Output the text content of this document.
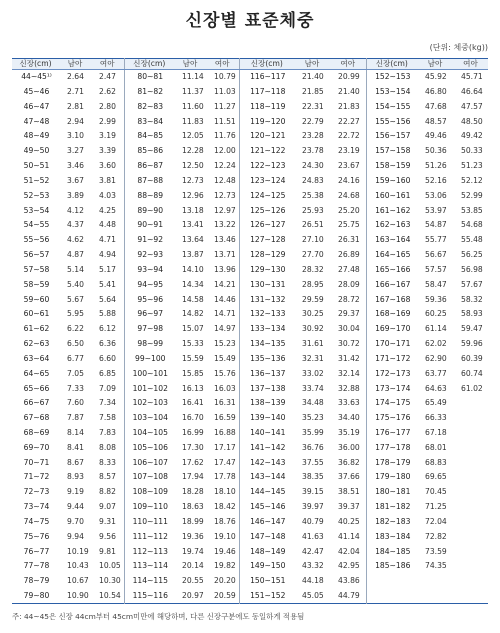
신장별 표준체중
(단위: 체중(kg))
신장(cm)	남아	여아	신장(cm)	남아	여아	신장(cm)	남아	여아	신장(cm)	남아	여아
44~45¹⁾	2.64	2.47	80~81	11.14	10.79	116~117	21.40	20.99	152~153	45.92	45.71
45~46	2.71	2.62	81~82	11.37	11.03	117~118	21.85	21.40	153~154	46.80	46.64
46~47	2.81	2.80	82~83	11.60	11.27	118~119	22.31	21.83	154~155	47.68	47.57
47~48	2.94	2.99	83~84	11.83	11.51	119~120	22.79	22.27	155~156	48.57	48.50
48~49	3.10	3.19	84~85	12.05	11.76	120~121	23.28	22.72	156~157	49.46	49.42
49~50	3.27	3.39	85~86	12.28	12.00	121~122	23.78	23.19	157~158	50.36	50.33
50~51	3.46	3.60	86~87	12.50	12.24	122~123	24.30	23.67	158~159	51.26	51.23
51~52	3.67	3.81	87~88	12.73	12.48	123~124	24.83	24.16	159~160	52.16	52.12
52~53	3.89	4.03	88~89	12.96	12.73	124~125	25.38	24.68	160~161	53.06	52.99
53~54	4.12	4.25	89~90	13.18	12.97	125~126	25.93	25.20	161~162	53.97	53.85
54~55	4.37	4.48	90~91	13.41	13.22	126~127	26.51	25.75	162~163	54.87	54.68
55~56	4.62	4.71	91~92	13.64	13.46	127~128	27.10	26.31	163~164	55.77	55.48
56~57	4.87	4.94	92~93	13.87	13.71	128~129	27.70	26.89	164~165	56.67	56.25
57~58	5.14	5.17	93~94	14.10	13.96	129~130	28.32	27.48	165~166	57.57	56.98
58~59	5.40	5.41	94~95	14.34	14.21	130~131	28.95	28.09	166~167	58.47	57.67
59~60	5.67	5.64	95~96	14.58	14.46	131~132	29.59	28.72	167~168	59.36	58.32
60~61	5.95	5.88	96~97	14.82	14.71	132~133	30.25	29.37	168~169	60.25	58.93
61~62	6.22	6.12	97~98	15.07	14.97	133~134	30.92	30.04	169~170	61.14	59.47
62~63	6.50	6.36	98~99	15.33	15.23	134~135	31.61	30.72	170~171	62.02	59.96
63~64	6.77	6.60	99~100	15.59	15.49	135~136	32.31	31.42	171~172	62.90	60.39
64~65	7.05	6.85	100~101	15.85	15.76	136~137	33.02	32.14	172~173	63.77	60.74
65~66	7.33	7.09	101~102	16.13	16.03	137~138	33.74	32.88	173~174	64.63	61.02
66~67	7.60	7.34	102~103	16.41	16.31	138~139	34.48	33.63	174~175	65.49	
67~68	7.87	7.58	103~104	16.70	16.59	139~140	35.23	34.40	175~176	66.33	
68~69	8.14	7.83	104~105	16.99	16.88	140~141	35.99	35.19	176~177	67.18	
69~70	8.41	8.08	105~106	17.30	17.17	141~142	36.76	36.00	177~178	68.01	
70~71	8.67	8.33	106~107	17.62	17.47	142~143	37.55	36.82	178~179	68.83	
71~72	8.93	8.57	107~108	17.94	17.78	143~144	38.35	37.66	179~180	69.65	
72~73	9.19	8.82	108~109	18.28	18.10	144~145	39.15	38.51	180~181	70.45	
73~74	9.44	9.07	109~110	18.63	18.42	145~146	39.97	39.37	181~182	71.25	
74~75	9.70	9.31	110~111	18.99	18.76	146~147	40.79	40.25	182~183	72.04	
75~76	9.94	9.56	111~112	19.36	19.10	147~148	41.63	41.14	183~184	72.82	
76~77	10.19	9.81	112~113	19.74	19.46	148~149	42.47	42.04	184~185	73.59	
77~78	10.43	10.05	113~114	20.14	19.82	149~150	43.32	42.95	185~186	74.35	
78~79	10.67	10.30	114~115	20.55	20.20	150~151	44.18	43.86			
79~80	10.90	10.54	115~116	20.97	20.59	151~152	45.05	44.79			
주: 44~45은 신장 44cm부터 45cm미만에 해당하며, 다른 신장구분에도 동일하게 적용됨
